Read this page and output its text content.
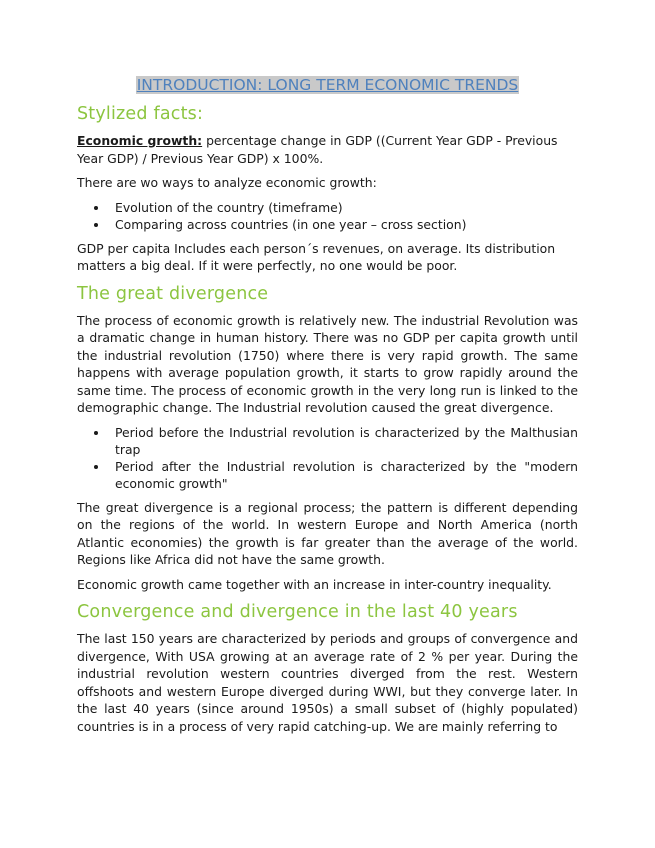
INTRODUCTION: LONG TERM ECONOMIC TRENDS
Stylized facts:

Economic growth: percentage change in GDP ((Current Year GDP - Previous Year GDP) / Previous Year GDP) x 100%.

There are wo ways to analyze economic growth:

Evolution of the country (timeframe)
Comparing across countries (in one year – cross section)

GDP per capita Includes each person´s revenues, on average. Its distribution matters a big deal. If it were perfectly, no one would be poor.

The great divergence

The process of economic growth is relatively new. The industrial Revolution was a dramatic change in human history. There was no GDP per capita growth until the industrial revolution (1750) where there is very rapid growth. The same happens with average population growth, it starts to grow rapidly around the same time. The process of economic growth in the very long run is linked to the demographic change. The Industrial revolution caused the great divergence.

Period before the Industrial revolution is characterized by the Malthusian trap
Period after the Industrial revolution is characterized by the "modern economic growth"

The great divergence is a regional process; the pattern is different depending on the regions of the world. In western Europe and North America (north Atlantic economies) the growth is far greater than the average of the world. Regions like Africa did not have the same growth.

Economic growth came together with an increase in inter-country inequality.

Convergence and divergence in the last 40 years

The last 150 years are characterized by periods and groups of convergence and divergence, With USA growing at an average rate of 2 % per year. During the industrial revolution western countries diverged from the rest. Western offshoots and western Europe diverged during WWI, but they converge later. In the last 40 years (since around 1950s) a small subset of (highly populated) countries is in a process of very rapid catching-up. We are mainly referring to
